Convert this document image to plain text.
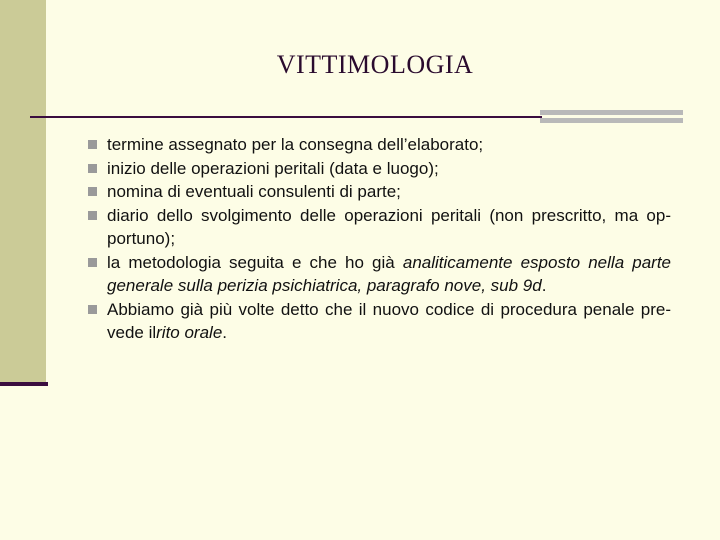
VITTIMOLOGIA
termine assegnato per la consegna dell’elaborato;
inizio delle operazioni peritali (data e luogo);
nomina di eventuali consulenti di parte;
diario dello svolgimento delle operazioni peritali (non prescritto, ma op-portuno);
la metodologia seguita e che ho già analiticamente esposto nella parte generale sulla perizia psichiatrica, paragrafo nove, sub 9d.
Abbiamo già più volte detto che il nuovo codice di procedura penale pre-vede ilrito orale.
